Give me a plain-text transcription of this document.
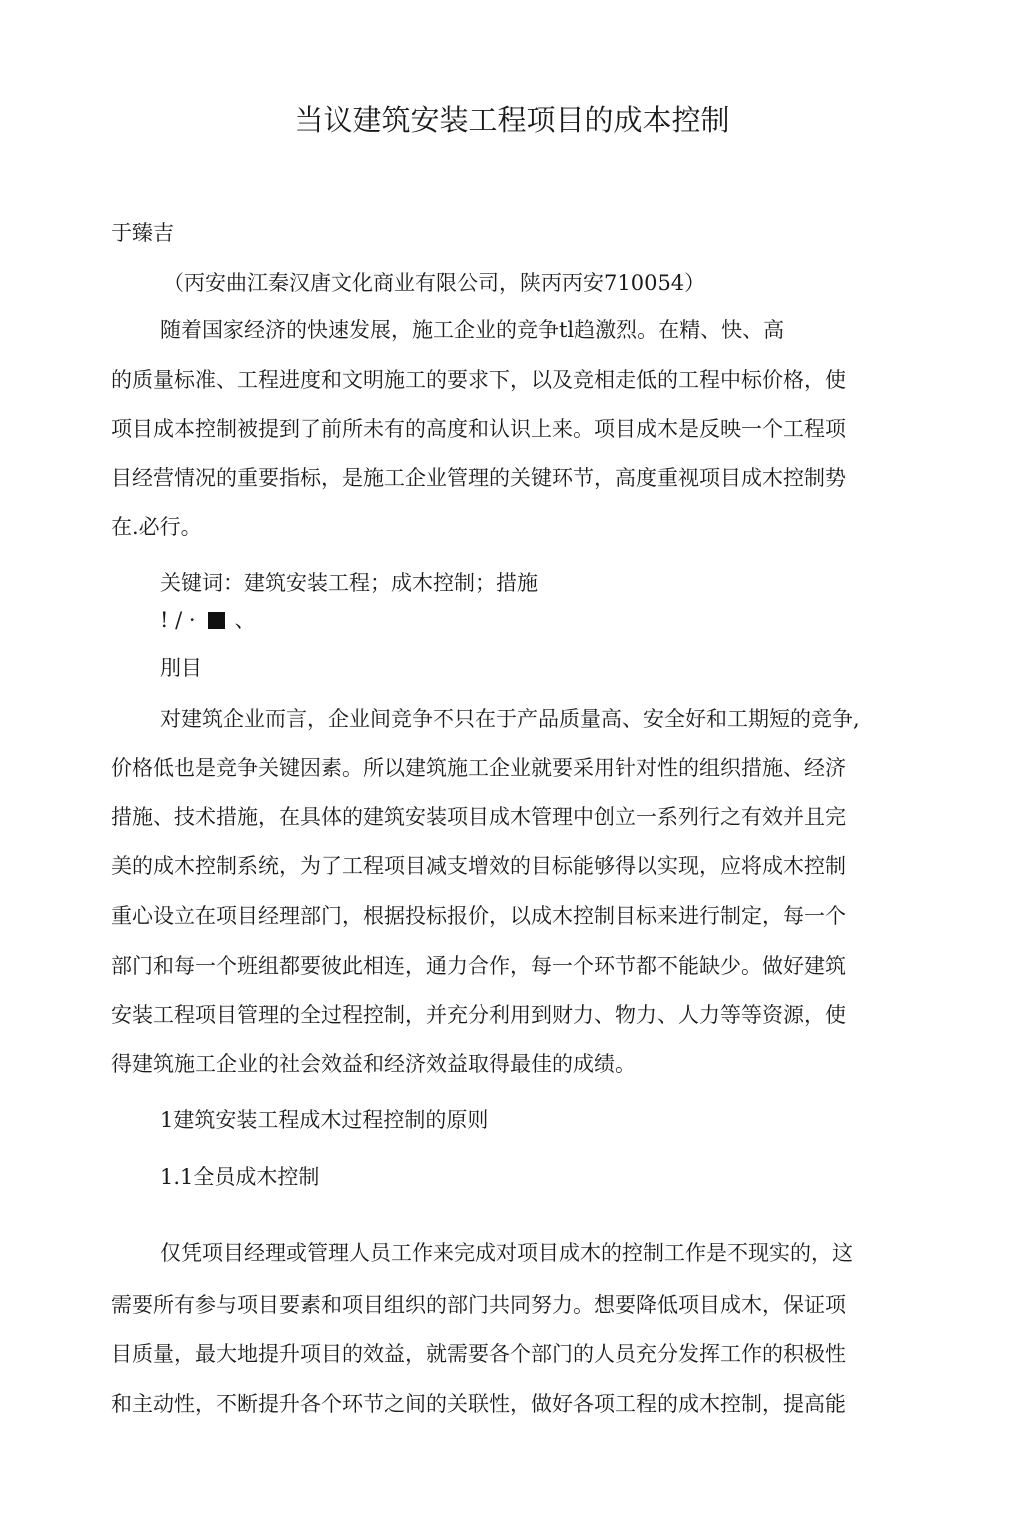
当议建筑安装工程项目的成本控制
于臻吉
（丙安曲江秦汉唐文化商业有限公司，陕丙丙安710054）
随着国家经济的快速发展，施工企业的竞争tl趋激烈。在精、快、高
的质量标准、工程进度和文明施工的要求下，以及竞相走低的工程中标价格，使
项目成本控制被提到了前所未有的高度和认识上来。项目成木是反映一个工程项
目经营情况的重要指标，是施工企业管理的关键环节，高度重视项目成木控制势
在.必行。
关键词：建筑安装工程；成木控制；措施
! / · 、
刖目
对建筑企业而言，企业间竞争不只在于产品质量高、安全好和工期短的竞争,
价格低也是竞争关键因素。所以建筑施工企业就要采用针对性的组织措施、经济
措施、技术措施，在具体的建筑安装项目成木管理中创立一系列行之有效并且完
美的成木控制系统，为了工程项目减支增效的目标能够得以实现，应将成木控制
重心设立在项目经理部门，根据投标报价，以成木控制目标来进行制定，每一个
部门和每一个班组都要彼此相连，通力合作，每一个环节都不能缺少。做好建筑
安装工程项目管理的全过程控制，并充分利用到财力、物力、人力等等资源，使
得建筑施工企业的社会效益和经济效益取得最佳的成绩。
1建筑安装工程成木过程控制的原则
1.1全员成木控制
仅凭项目经理或管理人员工作来完成对项目成木的控制工作是不现实的，这
需要所有参与项目要素和项目组织的部门共同努力。想要降低项目成木，保证项
目质量，最大地提升项目的效益，就需要各个部门的人员充分发挥工作的积极性
和主动性，不断提升各个环节之间的关联性，做好各项工程的成木控制，提高能
